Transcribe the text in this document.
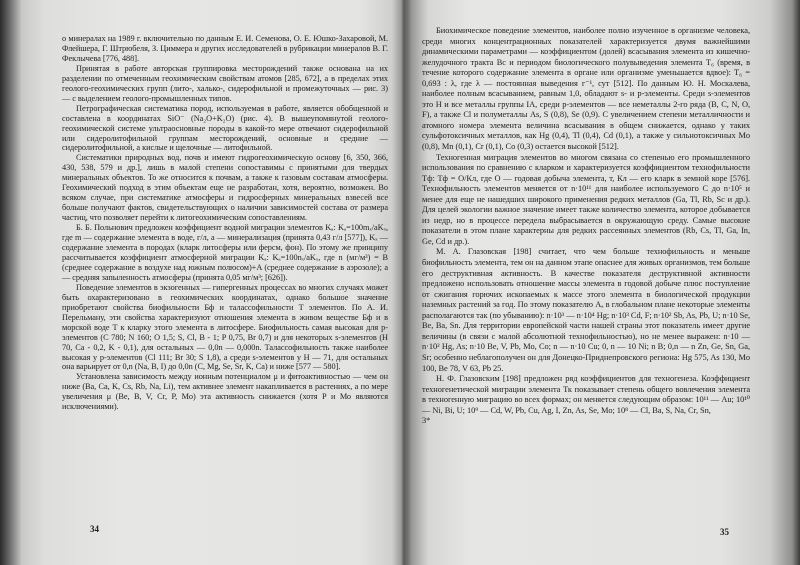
о минералах на 1989 г. включительно по данным Е. И. Семенова, О. Е. Юшко-Захаровой, М. Флейшера, Г. Штрюбеля, З. Циммера и других исследователей в рубрикации минералов В. Г. Феклычева [776, 488].

Принятая в работе авторская группировка месторождений также основана на их разделении по отмеченным геохимическим свойствам атомов [285, 672], а в пределах этих геолого-геохимических групп (лито-, халько-, сидерофильной и промежуточных — рис. 3) — с выделением геолого-промышленных типов.

Петрографическая систематика пород, используемая в работе, является обобщенной и составлена в координатах SiO⁻ (Na₂O+K₂O) (рис. 4). В вышеупомянутой геолого-геохимической системе ультраосновные породы в какой-то мере отвечают сидерофильной или сидеролитофильной группам месторождений, основные и средние — сидеролитофильной, а кислые и щелочные — литофильной.

Систематики природных вод, почв и имеют гидрогеохимическую основу [6, 350, 366, 430, 538, 579 и др.], лишь в малой степени сопоставимы с принятыми для твердых минеральных объектов. То же относится к почвам, а также к газовым составам атмосферы. Геохимический подход в этим объектам еще не разработан, хотя, вероятно, возможен. Во всяком случае, при систематике атмосферы и гидросферных минеральных взвесей все больше получают фактов, свидетельствующих о наличии зависимостей состава от размера частиц, что позволяет перейти к литогеохимическим сопоставлениям.

Б. Б. Польнович предложен коэффициент водной миграции элементов Kₐ: Kₐ=100mₓ/aKₓ, где m — содержание элемента в воде, г/л, a — минерализация (принята 0,43 г/л [577]), Kₓ — содержание элемента в породах (кларк литосферы или ферсм, фон). По этому же принципу рассчитывается коэффициент атмосферной миграции Kₐ: Kₐ=100nₓ/aKₓ, где n (мг/м³) = В (среднее содержание в воздухе над южным полюсом)+A (среднее содержание в аэрозоле); a — средняя запыленность атмосферы (принята 0,05 мг/м³; [626]).

Поведение элементов в экзогенных — гипергенных процессах во многих случаях может быть охарактеризовано в геохимических координатах, однако большое значение приобретают свойства биофильности Бф и талассофильности Т элементов. По А. И. Перельману, эти свойства характеризуют отношения элемента в живом веществе Бф и в морской воде Т к кларку этого элемента в литосфере. Биофильность самая высокая для р-элементов (C 780; N 160; O 1,5; S, Cl, B - 1; P 0,75, Br 0,7) и для некоторых s-элементов (H 70, Ca - 0,2, K - 0,1), для остальных — 0,0n — 0,000n. Талассофильность также наиболее высокая у р-элементов (Cl 111; Br 30; S 1,8), а среди s-элементов у H — 71, для остальных она варьирует от 0,n (Na, B, I) до 0,0n (C, Mg, Se, Sr, K, Ca) и ниже [577 — 580].

Установлена зависимость между ионным потенциалом μ и фитоактивностью — чем он ниже (Ba, Ca, K, Cs, Rb, Na, Li), тем активнее элемент накапливается в растениях, а по мере увеличения μ (Be, B, V, Cr, P, Mo) эта активность снижается (хотя Р и Мо являются исключениями).

34

Биохимическое поведение элементов, наиболее полно изученное в организме человека, среди многих концентрационных показателей характеризуется двумя важнейшими динамическими параметрами — коэффициентом (долей) всасывания элемента из кишечно-желудочного тракта Bc и периодом биологического полувыведения элемента T₆ (время, в течение которого содержание элемента в органе или организме уменьшается вдвое): T₆ = 0,693 : λ, где λ — постоянная выведения г⁻¹, сут [512]. По данным Ю. Н. Москалева, наиболее полным всасыванием, равным 1,0, обладают s- и р-элементы. Среди s-элементов это H и все металлы группы IA, среди р-элементов — все неметаллы 2-го ряда (B, C, N, O, F), а также Cl и полуметаллы As, S (0,8), Se (0,9). С увеличением степени металличности и атомного номера элемента величина всасывания в общем снижается, однако у таких сульфотоксичных металлов, как Hg (0,4), Tl (0,4), Cd (0,1), а также у сильнотоксичных Mo (0,8), Mn (0,1), Cr (0,1), Co (0,3) остается высокой [512].

Техногенная миграция элементов во многом связана со степенью его промышленного использования по сравнению с кларком и характеризуется коэффициентом технофильности Тф: Тф = O/Кл, где O — годовая добыча элемента, т, Кл — его кларк в земной коре [576]. Технофильность элементов меняется от n·10¹¹ для наиболее используемого C до n·10⁵ и менее для еще не нашедших широкого применения редких металлов (Ga, Tl, Rb, Sc и др.). Для целей экологии важное значение имеет также количество элемента, которое добывается из недр, но в процессе передела выбрасывается в окружающую среду. Самые высокие показатели в этом плане характерны для редких рассеянных элементов (Rb, Cs, Tl, Ga, In, Ge, Cd и др.).

М. А. Глазовская [198] считает, что чем больше технофильность и меньше биофильность элемента, тем он на данном этапе опаснее для живых организмов, тем больше его деструктивная активность. В качестве показателя деструктивной активности предложено использовать отношение массы элемента в годовой добыче плюс поступление от сжигания горючих ископаемых к массе этого элемента в биологической продукции наземных растений за год. По этому показателю Aₐ в глобальном плане некоторые элементы располагаются так (по убыванию): n·10³ — n·10⁴ Hg; n·10³ Cd, F; n·10² Sb, As, Pb, U; n·10 Se, Be, Ba, Sn. Для территории европейской части нашей страны этот показатель имеет другие величины (в связи с малой абсолютной технофильностью), но не менее выражен: n·10 — n·10² Hg, As; n·10 Be, V, Pb, Mo, Co; n — n·10 Cu; 0, n — 10 Ni; n В; 0,n — n Zn, Ge, Sn, Ga, Sr; особенно неблагополучен он для Донецко-Приднепровского региона: Hg 575, As 130, Mo 100, Be 78, V 63, Pb 25.

Н. Ф. Глазовским [198] предложен ряд коэффициентов для техногенеза. Коэффициент техногенетической миграции элемента Тк показывает степень общего вовлечения элемента в техногенную миграцию во всех формах; он меняется следующим образом: 10¹¹ — Au; 10¹⁰ — Ni, Bi, U; 10⁹ — Cd, W, Pb, Cu, Ag, I, Zn, As, Se, Mo; 10⁸ — Cl, Ba, S, Na, Cr, Sn,

3*

35
